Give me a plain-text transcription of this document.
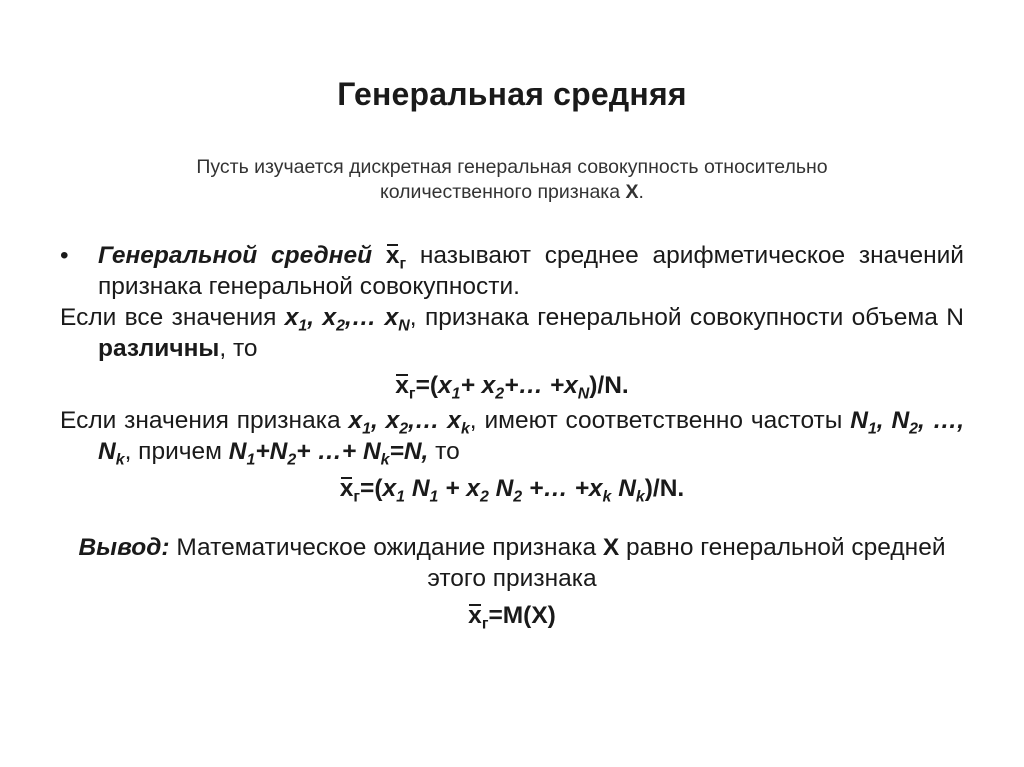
Генеральная средняя
Пусть изучается дискретная генеральная совокупность относительно
количественного признака X.
• Генеральной средней $x_г$ называют среднее арифметическое значений признака генеральной совокупности.
Если все значения $x_1$, $x_2,\dots$ $x_N$, признака генеральной совокупности объема N различны, то
$x_г=(x_1+$ $x_2+\dots +x_N)/N$.
Если значения признака $x_1$, $x_2,\dots$ $x_k$, имеют соответственно частоты $N_1$, $N_2$, …, $N_k$, причем $N_1+N_2+$ …+ $N_k=N$, то
$x_г=(x_1$ $N_1 + x_2$ $N_2$ +… $+x_k$ $N_k)/N$.
Вывод: Математическое ожидание признака X равно генеральной средней этого признака
$x_г=M(X)$
